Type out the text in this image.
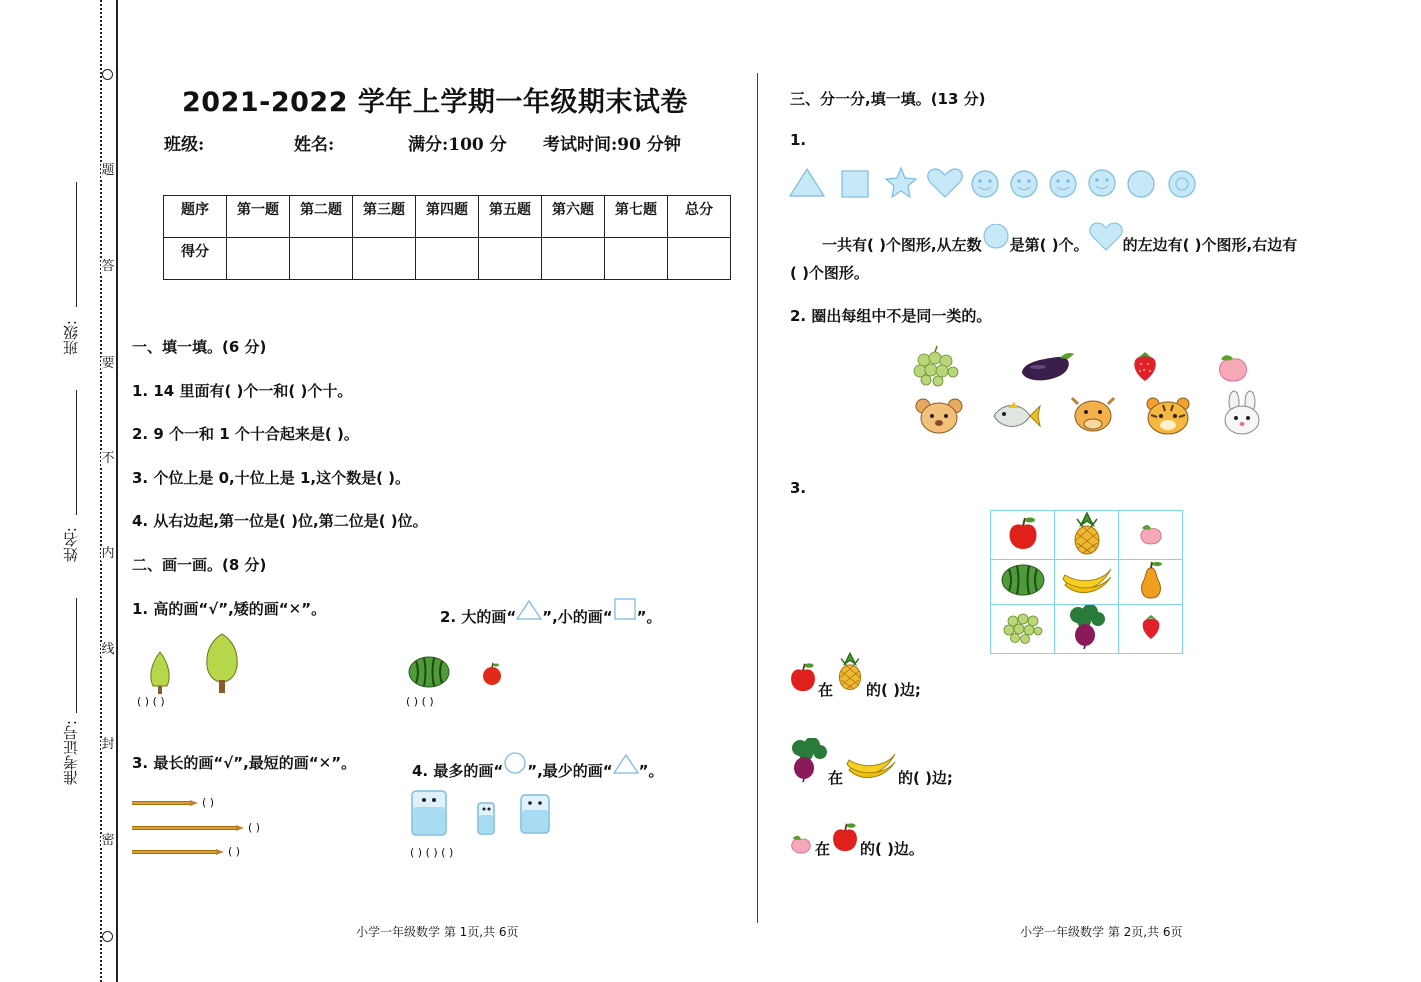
题
答
要
不
内
线
封
密
班级:
姓名:
准考证号:
2021-2022 学年上学期一年级期末试卷
班级:	姓名:	满分:100 分 考试时间:90 分钟
题序	第一题	第二题	第三题	第四题	第五题	第六题	第七题	总分
得分								
一、填一填。(6 分)
1. 14 里面有( )个一和( )个十。
2. 9 个一和 1 个十合起来是( )。
3. 个位上是 0,十位上是 1,这个数是( )。
4. 从右边起,第一位是( )位,第二位是( )位。
二、画一画。(8 分)
1. 高的画“√”,矮的画“✕”。	2. 大的画“ ”,小的画“ ”。
( ) ( )	( ) ( )
3. 最长的画“√”,最短的画“✕”。	4. 最多的画“ ”,最少的画“ ”。
( )
( )
( )	( ) ( ) ( )
小学一年级数学 第 1页,共 6页
三、分一分,填一填。(13 分)
1.
一共有( )个图形,从左数 是第( )个。 的左边有( )个图形,右边有
( )个图形。
2. 圈出每组中不是同一类的。
3.

在 的( )边;
在	的( )边;
在 的( )边。
小学一年级数学 第 2页,共 6页
